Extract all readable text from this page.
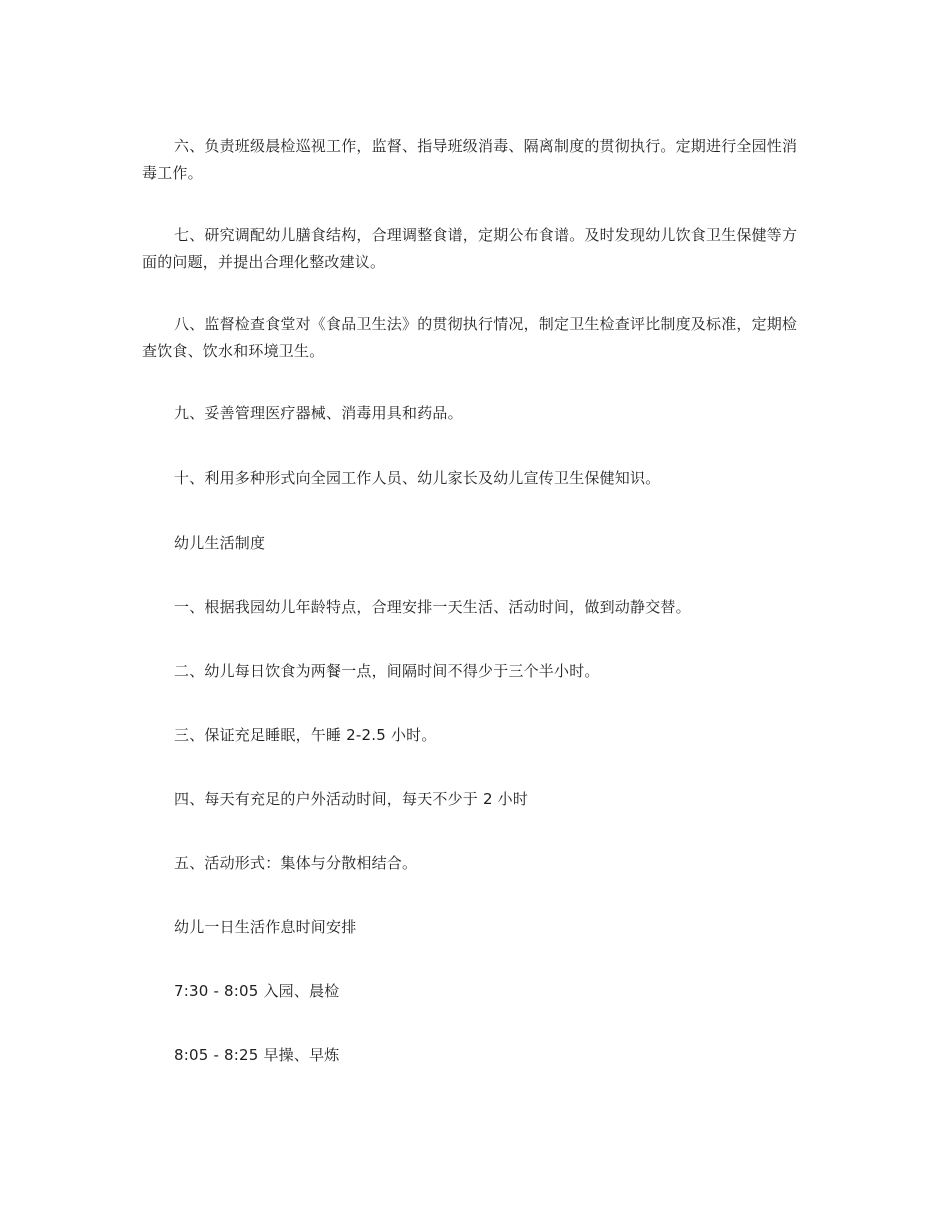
六、负责班级晨检巡视工作，监督、指导班级消毒、隔离制度的贯彻执行。定期进行全园性消毒工作。

七、研究调配幼儿膳食结构，合理调整食谱，定期公布食谱。及时发现幼儿饮食卫生保健等方面的问题，并提出合理化整改建议。

八、监督检查食堂对《食品卫生法》的贯彻执行情况，制定卫生检查评比制度及标准，定期检查饮食、饮水和环境卫生。

九、妥善管理医疗器械、消毒用具和药品。

十、利用多种形式向全园工作人员、幼儿家长及幼儿宣传卫生保健知识。

幼儿生活制度

一、根据我园幼儿年龄特点，合理安排一天生活、活动时间，做到动静交替。

二、幼儿每日饮食为两餐一点，间隔时间不得少于三个半小时。

三、保证充足睡眠，午睡 2-2.5 小时。

四、每天有充足的户外活动时间，每天不少于 2 小时

五、活动形式：集体与分散相结合。

幼儿一日生活作息时间安排

7:30 - 8:05 入园、晨检

8:05 - 8:25 早操、早炼
